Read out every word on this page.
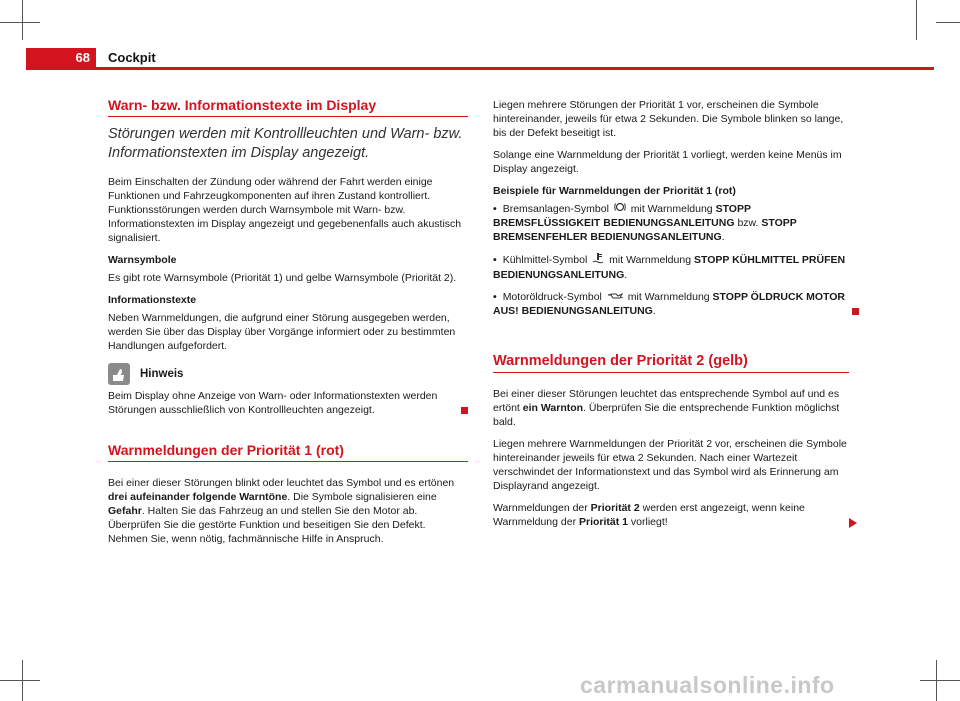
68	Cockpit
Warn- bzw. Informationstexte im Display
Störungen werden mit Kontrollleuchten und Warn- bzw. Informationstexten im Display angezeigt.

Beim Einschalten der Zündung oder während der Fahrt werden einige Funktionen und Fahrzeugkomponenten auf ihren Zustand kontrolliert. Funktionsstörungen werden durch Warnsymbole mit Warn- bzw. Informationstexten im Display angezeigt und gegebenenfalls auch akustisch signalisiert.

Warnsymbole

Es gibt rote Warnsymbole (Priorität 1) und gelbe Warnsymbole (Priorität 2).

Informationstexte

Neben Warnmeldungen, die aufgrund einer Störung ausgegeben werden, werden Sie über das Display über Vorgänge informiert oder zu bestimmten Handlungen aufgefordert.

Hinweis

Beim Display ohne Anzeige von Warn- oder Informationstexten werden Störungen ausschließlich von Kontrollleuchten angezeigt.

Warnmeldungen der Priorität 1 (rot)

Bei einer dieser Störungen blinkt oder leuchtet das Symbol und es ertönen drei aufeinander folgende Warntöne. Die Symbole signalisieren eine Gefahr. Halten Sie das Fahrzeug an und stellen Sie den Motor ab. Überprüfen Sie die gestörte Funktion und beseitigen Sie den Defekt. Nehmen Sie, wenn nötig, fachmännische Hilfe in Anspruch.

Liegen mehrere Störungen der Priorität 1 vor, erscheinen die Symbole hintereinander, jeweils für etwa 2 Sekunden. Die Symbole blinken so lange, bis der Defekt beseitigt ist.

Solange eine Warnmeldung der Priorität 1 vorliegt, werden keine Menüs im Display angezeigt.

Beispiele für Warnmeldungen der Priorität 1 (rot)
• Bremsanlagen-Symbol mit Warnmeldung STOPP BREMSFLÜSSIGKEIT BEDIENUNGSANLEITUNG bzw. STOPP BREMSENFEHLER BEDIENUNGSANLEITUNG.
• Kühlmittel-Symbol mit Warnmeldung STOPP KÜHLMITTEL PRÜFEN BEDIENUNGSANLEITUNG.
• Motoröldruck-Symbol mit Warnmeldung STOPP ÖLDRUCK MOTOR AUS! BEDIENUNGSANLEITUNG.
Warnmeldungen der Priorität 2 (gelb)

Bei einer dieser Störungen leuchtet das entsprechende Symbol auf und es ertönt ein Warnton. Überprüfen Sie die entsprechende Funktion möglichst bald.

Liegen mehrere Warnmeldungen der Priorität 2 vor, erscheinen die Symbole hintereinander jeweils für etwa 2 Sekunden. Nach einer Wartezeit verschwindet der Informationstext und das Symbol wird als Erinnerung am Displayrand angezeigt.

Warnmeldungen der Priorität 2 werden erst angezeigt, wenn keine Warnmeldung der Priorität 1 vorliegt!

carmanualsonline.info
